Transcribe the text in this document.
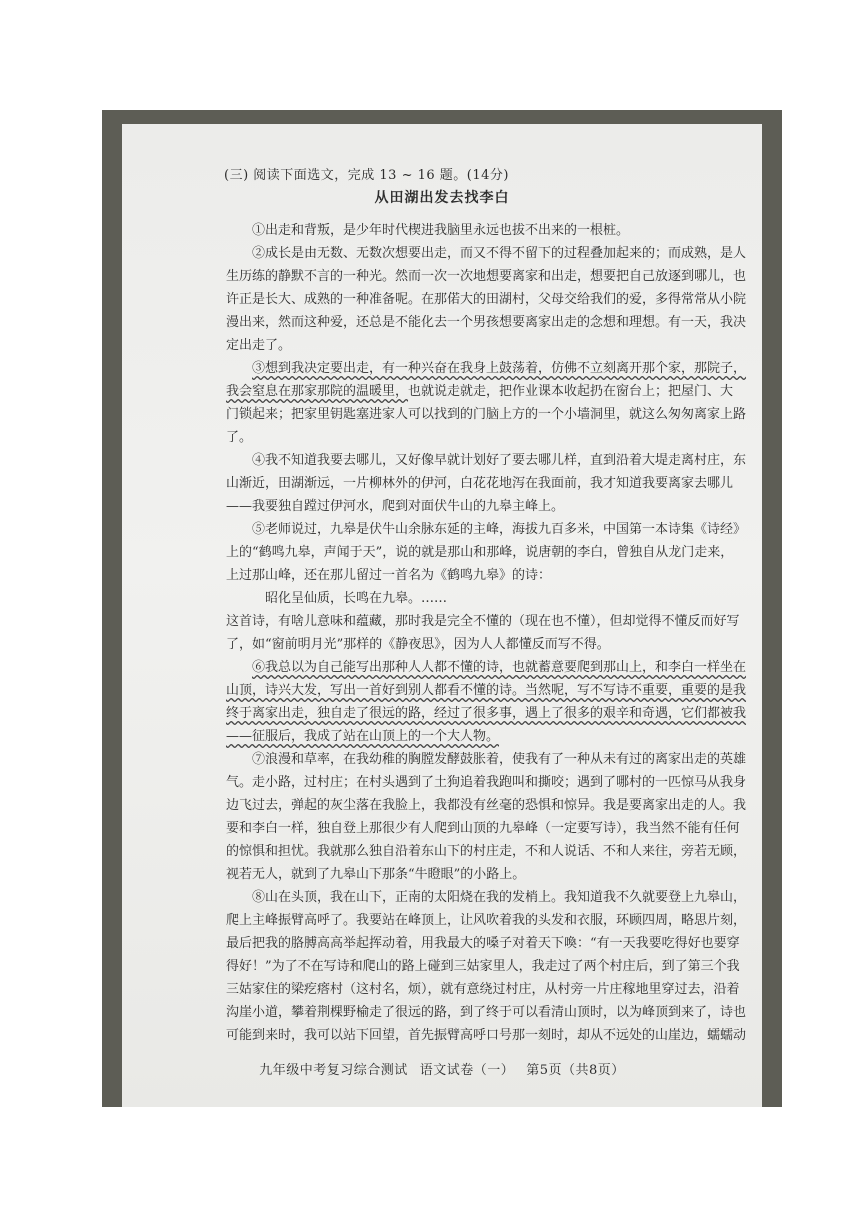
(三) 阅读下面选文，完成 13 ~ 16 题。(14分)
从田湖出发去找李白

①出走和背叛，是少年时代楔进我脑里永远也拔不出来的一根桩。

②成长是由无数、无数次想要出走，而又不得不留下的过程叠加起来的；而成熟，是人生历练的静默不言的一种光。然而一次一次地想要离家和出走，想要把自己放逐到哪儿，也许正是长大、成熟的一种准备呢。在那偌大的田湖村，父母交给我们的爱，多得常常从小院漫出来，然而这种爱，还总是不能化去一个男孩想要离家出走的念想和理想。有一天，我决定出走了。

③想到我决定要出走，有一种兴奋在我身上鼓荡着，仿佛不立刻离开那个家，那院子，我会窒息在那家那院的温暖里，也就说走就走，把作业课本收起扔在窗台上；把屋门、大门锁起来；把家里钥匙塞进家人可以找到的门脑上方的一个小墙洞里，就这么匆匆离家上路了。

④我不知道我要去哪儿，又好像早就计划好了要去哪儿样，直到沿着大堤走离村庄，东山渐近，田湖渐远，一片柳林外的伊河，白花花地泻在我面前，我才知道我要离家去哪儿——我要独自蹚过伊河水，爬到对面伏牛山的九皋主峰上。

⑤老师说过，九皋是伏牛山余脉东延的主峰，海拔九百多米，中国第一本诗集《诗经》上的“鹤鸣九皋，声闻于天”，说的就是那山和那峰，说唐朝的李白，曾独自从龙门走来，上过那山峰，还在那儿留过一首名为《鹤鸣九皋》的诗：

昭化呈仙质，长鸣在九皋。……

这首诗，有啥儿意味和蕴藏，那时我是完全不懂的（现在也不懂），但却觉得不懂反而好写了，如“窗前明月光”那样的《静夜思》，因为人人都懂反而写不得。

⑥我总以为自己能写出那种人人都不懂的诗，也就蓄意要爬到那山上，和李白一样坐在山顶，诗兴大发，写出一首好到别人都看不懂的诗。当然呢，写不写诗不重要，重要的是我终于离家出走，独自走了很远的路，经过了很多事，遇上了很多的艰辛和奇遇，它们都被我——征服后，我成了站在山顶上的一个大人物。

⑦浪漫和草率，在我幼稚的胸膛发酵鼓胀着，使我有了一种从未有过的离家出走的英雄气。走小路，过村庄；在村头遇到了土狗追着我跑叫和撕咬；遇到了哪村的一匹惊马从我身边飞过去，弹起的灰尘落在我脸上，我都没有丝毫的恐惧和惊异。我是要离家出走的人。我要和李白一样，独自登上那很少有人爬到山顶的九皋峰（一定要写诗），我当然不能有任何的惊惧和担忧。我就那么独自沿着东山下的村庄走，不和人说话、不和人来往，旁若无顾，视若无人，就到了九皋山下那条“牛瞪眼”的小路上。

⑧山在头顶，我在山下，正南的太阳烧在我的发梢上。我知道我不久就要登上九皋山，爬上主峰振臂高呼了。我要站在峰顶上，让风吹着我的头发和衣服，环顾四周，略思片刻，最后把我的胳膊高高举起挥动着，用我最大的嗓子对着天下喚：“有一天我要吃得好也要穿得好！”为了不在写诗和爬山的路上碰到三姑家里人，我走过了两个村庄后，到了第三个我三姑家住的梁疙瘩村（这村名，烦），就有意绕过村庄，从村旁一片庄稼地里穿过去，沿着沟崖小道，攀着荆棵野榆走了很远的路，到了终于可以看清山顶时，以为峰顶到来了，诗也可能到来时，我可以站下回望，首先振臂高呼口号那一刻时，却从不远处的山崖边，蠕蠕动

九年级中考复习综合测试 语文试卷（一） 第5页（共8页）
